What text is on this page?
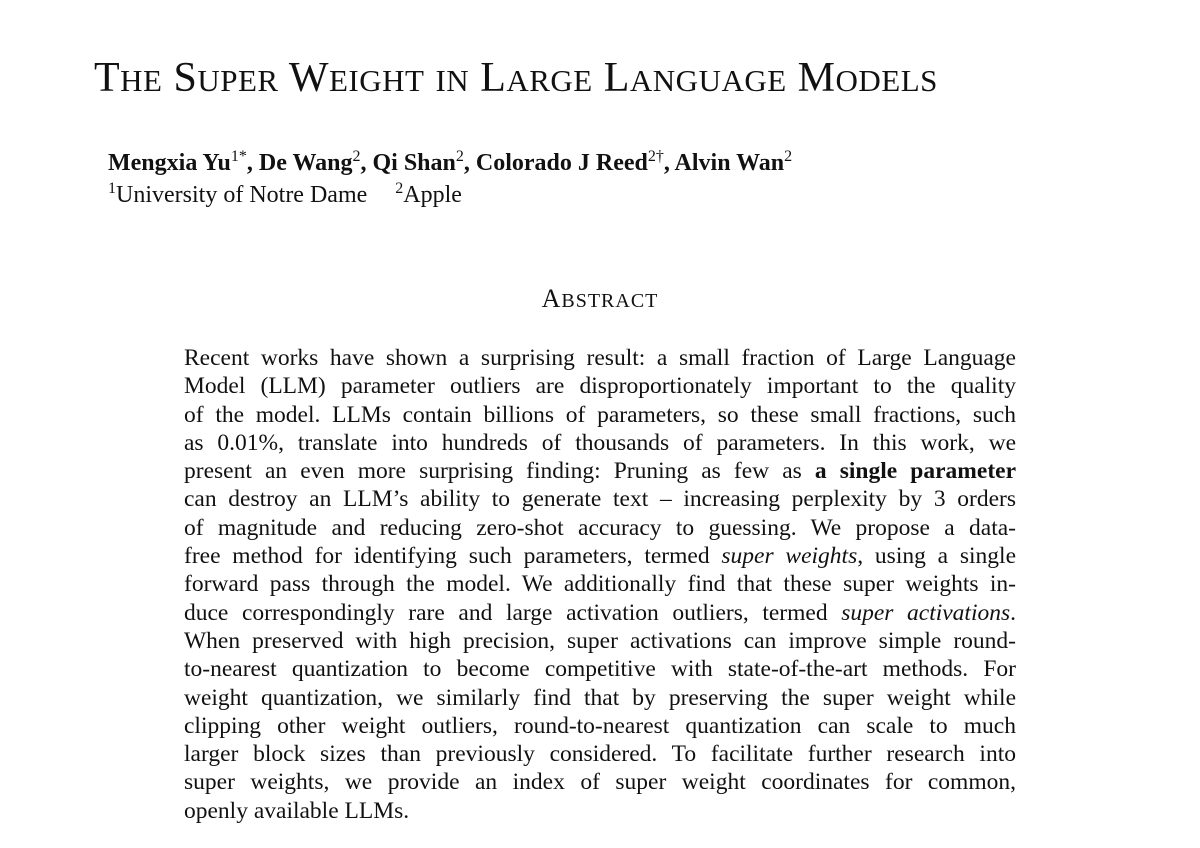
THE SUPER WEIGHT IN LARGE LANGUAGE MODELS
Mengxia $Yu^{1*}$, De Wang$^2$, Qi Shan$^2$, Colorado J Reed$^{2\dagger}$, Alvin Wan$^2$
$^1$University of Notre Dame $^2$Apple
ABSTRACT
Recent works have shown a surprising result: a small fraction of Large Language
Model (LLM) parameter outliers are disproportionately important to the quality
of the model. LLMs contain billions of parameters, so these small fractions, such
as 0.01%, translate into hundreds of thousands of parameters. In this work, we
present an even more surprising finding: Pruning as few as a single parameter
can destroy an LLM’s ability to generate text – increasing perplexity by 3 orders
of magnitude and reducing zero-shot accuracy to guessing. We propose a data-
free method for identifying such parameters, termed super weights, using a single
forward pass through the model. We additionally find that these super weights in-
duce correspondingly rare and large activation outliers, termed super activations.
When preserved with high precision, super activations can improve simple round-
to-nearest quantization to become competitive with state-of-the-art methods. For
weight quantization, we similarly find that by preserving the super weight while
clipping other weight outliers, round-to-nearest quantization can scale to much
larger block sizes than previously considered. To facilitate further research into
super weights, we provide an index of super weight coordinates for common,
openly available LLMs.
